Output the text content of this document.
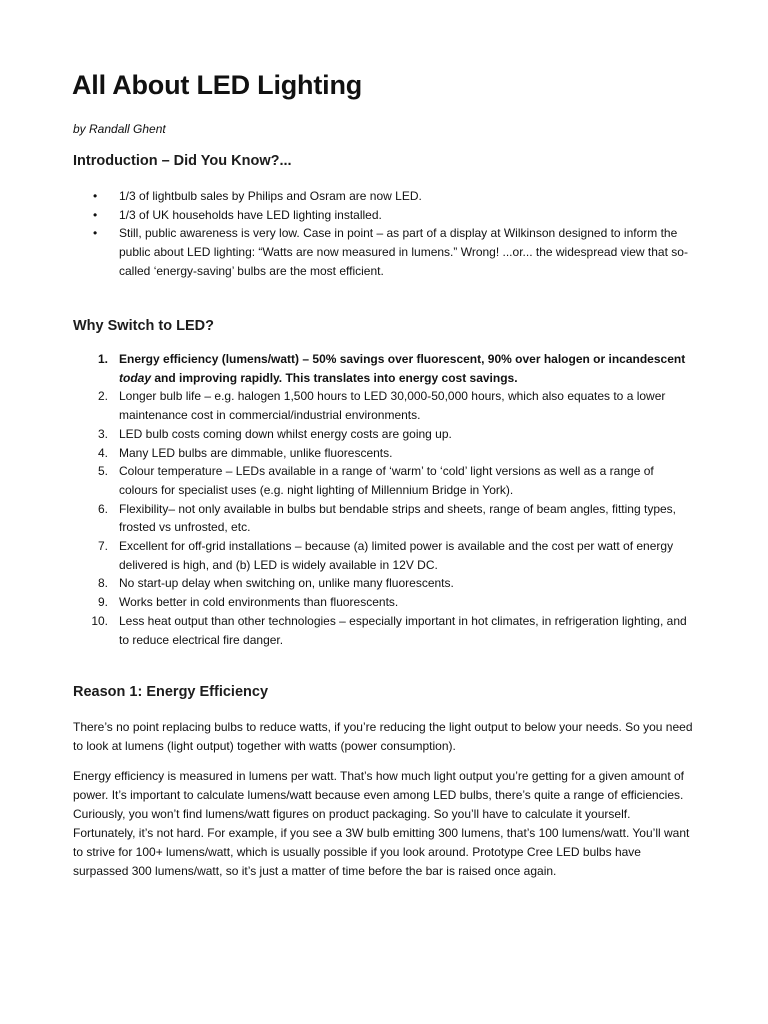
All About LED Lighting
by Randall Ghent
Introduction – Did You Know?...
• 1/3 of lightbulb sales by Philips and Osram are now LED.
• 1/3 of UK households have LED lighting installed.
• Still, public awareness is very low. Case in point – as part of a display at Wilkinson designed to inform the public about LED lighting: “Watts are now measured in lumens.” Wrong! ...or... the widespread view that so-called ‘energy-saving’ bulbs are the most efficient.
Why Switch to LED?
1. Energy efficiency (lumens/watt) – 50% savings over fluorescent, 90% over halogen or incandescent today and improving rapidly. This translates into energy cost savings.
2. Longer bulb life – e.g. halogen 1,500 hours to LED 30,000-50,000 hours, which also equates to a lower maintenance cost in commercial/industrial environments.
3. LED bulb costs coming down whilst energy costs are going up.
4. Many LED bulbs are dimmable, unlike fluorescents.
5. Colour temperature – LEDs available in a range of ‘warm’ to ‘cold’ light versions as well as a range of colours for specialist uses (e.g. night lighting of Millennium Bridge in York).
6. Flexibility– not only available in bulbs but bendable strips and sheets, range of beam angles, fitting types, frosted vs unfrosted, etc.
7. Excellent for off-grid installations – because (a) limited power is available and the cost per watt of energy delivered is high, and (b) LED is widely available in 12V DC.
8. No start-up delay when switching on, unlike many fluorescents.
9. Works better in cold environments than fluorescents.
10. Less heat output than other technologies – especially important in hot climates, in refrigeration lighting, and to reduce electrical fire danger.
Reason 1: Energy Efficiency

There’s no point replacing bulbs to reduce watts, if you’re reducing the light output to below your needs. So you need to look at lumens (light output) together with watts (power consumption).

Energy efficiency is measured in lumens per watt. That’s how much light output you’re getting for a given amount of power. It’s important to calculate lumens/watt because even among LED bulbs, there’s quite a range of efficiencies. Curiously, you won’t find lumens/watt figures on product packaging. So you’ll have to calculate it yourself. Fortunately, it’s not hard. For example, if you see a 3W bulb emitting 300 lumens, that’s 100 lumens/watt. You’ll want to strive for 100+ lumens/watt, which is usually possible if you look around. Prototype Cree LED bulbs have surpassed 300 lumens/watt, so it’s just a matter of time before the bar is raised once again.
